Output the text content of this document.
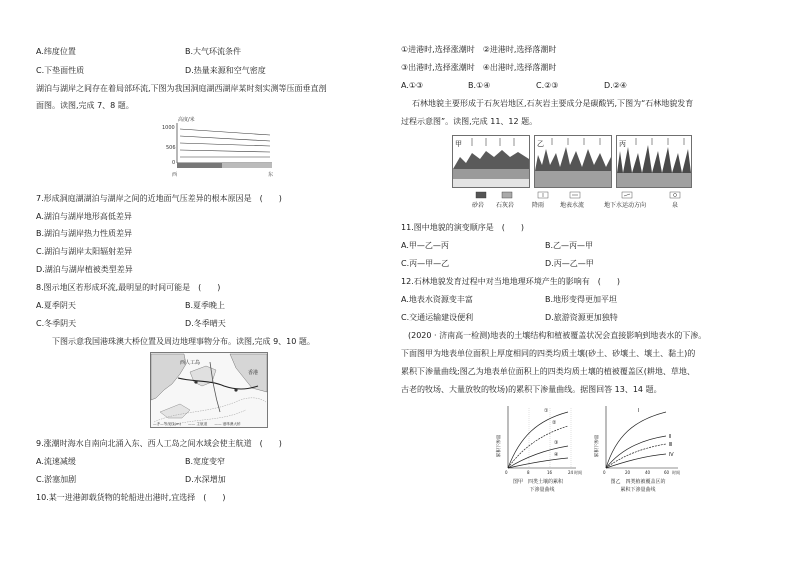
A.纬度位置	B.大气环流条件
C.下垫面性质	D.热量来源和空气密度
湖泊与湖岸之间存在着局部环流,下图为我国洞庭湖西湖岸某时刻实测等压面垂直剖
面图。读图,完成 7、8 题。
高度/米
1000
506
0
西	东
7.形成洞庭湖湖泊与湖岸之间的近地面气压差异的根本原因是　(　　)
A.湖泊与湖岸地形高低差异
B.湖泊与湖岸热力性质差异
C.湖泊与湖岸太阳辐射差异
D.湖泊与湖岸植被类型差异
8.图示地区若形成环流,最明显的时间可能是　(　　)
A.夏季阴天	B.夏季晚上
C.冬季阴天	D.冬季晴天
下图示意我国港珠澳大桥位置及周边地理事物分布。读图,完成 9、10 题。
西人工岛
香港
—矛—等深线(m)　　—— 主航道　　—— 港珠澳大桥
9.涨潮时海水自南向北涌入东、西人工岛之间水域会使主航道　(　　)
A.流速减缓	B.宽度变窄
C.淤塞加剧	D.水深增加
10.某一进港卸载货物的轮船进出港时,宜选择　(　　)
①进港时,选择涨潮时　②进港时,选择落潮时
③出港时,选择涨潮时　④出港时,选择落潮时
A.①③	B.①④	C.②③	D.②④
石林地貌主要形成于石灰岩地区,石灰岩主要成分是碳酸钙,下图为“石林地貌发育
过程示意图”。读图,完成 11、12 题。
甲	乙	丙
砂岩 石灰岩	降雨	地表水流	地下水运动方向	泉
11.图中地貌的演变顺序是　(　　)
A.甲—乙—丙	B.乙—丙—甲
C.丙—甲—乙	D.丙—乙—甲
12.石林地貌发育过程中对当地地理环境产生的影响有　(　　)
A.地表水资源变丰富	B.地形变得更加平坦
C.交通运输建设便利	D.旅游资源更加独特
(2020 · 济南高一检测)地表的土壤结构和植被覆盖状况会直接影响到地表水的下渗。
下面图甲为地表单位面积上厚度相同的四类均质土壤(砂土、砂壤土、壤土、黏土)的
累积下渗量曲线;图乙为地表单位面积上的四类均质土壤的植被覆盖区(耕地、草地、
古老的牧场、大量放牧的牧场)的累积下渗量曲线。据图回答 13、14 题。
累积下渗量
①
②
③
④
0	8	16	24 时间
图甲　四类土壤的累积
下渗量曲线
累积下渗量
Ⅰ
Ⅱ
Ⅲ
Ⅳ
0	20	40	60 时间
图乙　四类植被覆盖区的
累积下渗量曲线
